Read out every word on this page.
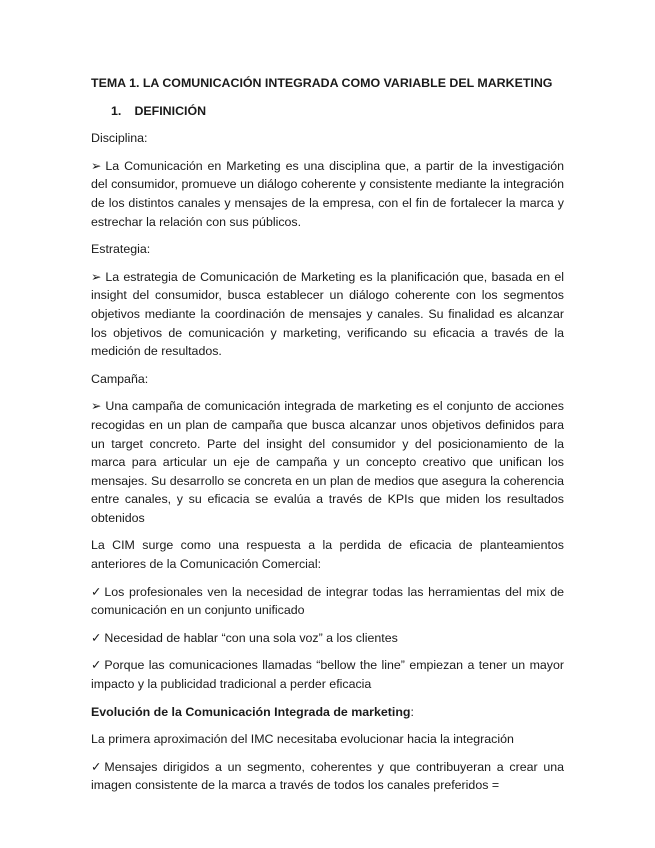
TEMA 1. LA COMUNICACIÓN INTEGRADA COMO VARIABLE DEL MARKETING
1. DEFINICIÓN
Disciplina:

➢ La Comunicación en Marketing es una disciplina que, a partir de la investigación del consumidor, promueve un diálogo coherente y consistente mediante la integración de los distintos canales y mensajes de la empresa, con el fin de fortalecer la marca y estrechar la relación con sus públicos.

Estrategia:

➢ La estrategia de Comunicación de Marketing es la planificación que, basada en el insight del consumidor, busca establecer un diálogo coherente con los segmentos objetivos mediante la coordinación de mensajes y canales. Su finalidad es alcanzar los objetivos de comunicación y marketing, verificando su eficacia a través de la medición de resultados.

Campaña:

➢ Una campaña de comunicación integrada de marketing es el conjunto de acciones recogidas en un plan de campaña que busca alcanzar unos objetivos definidos para un target concreto. Parte del insight del consumidor y del posicionamiento de la marca para articular un eje de campaña y un concepto creativo que unifican los mensajes. Su desarrollo se concreta en un plan de medios que asegura la coherencia entre canales, y su eficacia se evalúa a través de KPIs que miden los resultados obtenidos

La CIM surge como una respuesta a la perdida de eficacia de planteamientos anteriores de la Comunicación Comercial:

✓ Los profesionales ven la necesidad de integrar todas las herramientas del mix de comunicación en un conjunto unificado

✓ Necesidad de hablar “con una sola voz” a los clientes

✓ Porque las comunicaciones llamadas “bellow the line” empiezan a tener un mayor impacto y la publicidad tradicional a perder eficacia

Evolución de la Comunicación Integrada de marketing:

La primera aproximación del IMC necesitaba evolucionar hacia la integración

✓ Mensajes dirigidos a un segmento, coherentes y que contribuyeran a crear una imagen consistente de la marca a través de todos los canales preferidos =
